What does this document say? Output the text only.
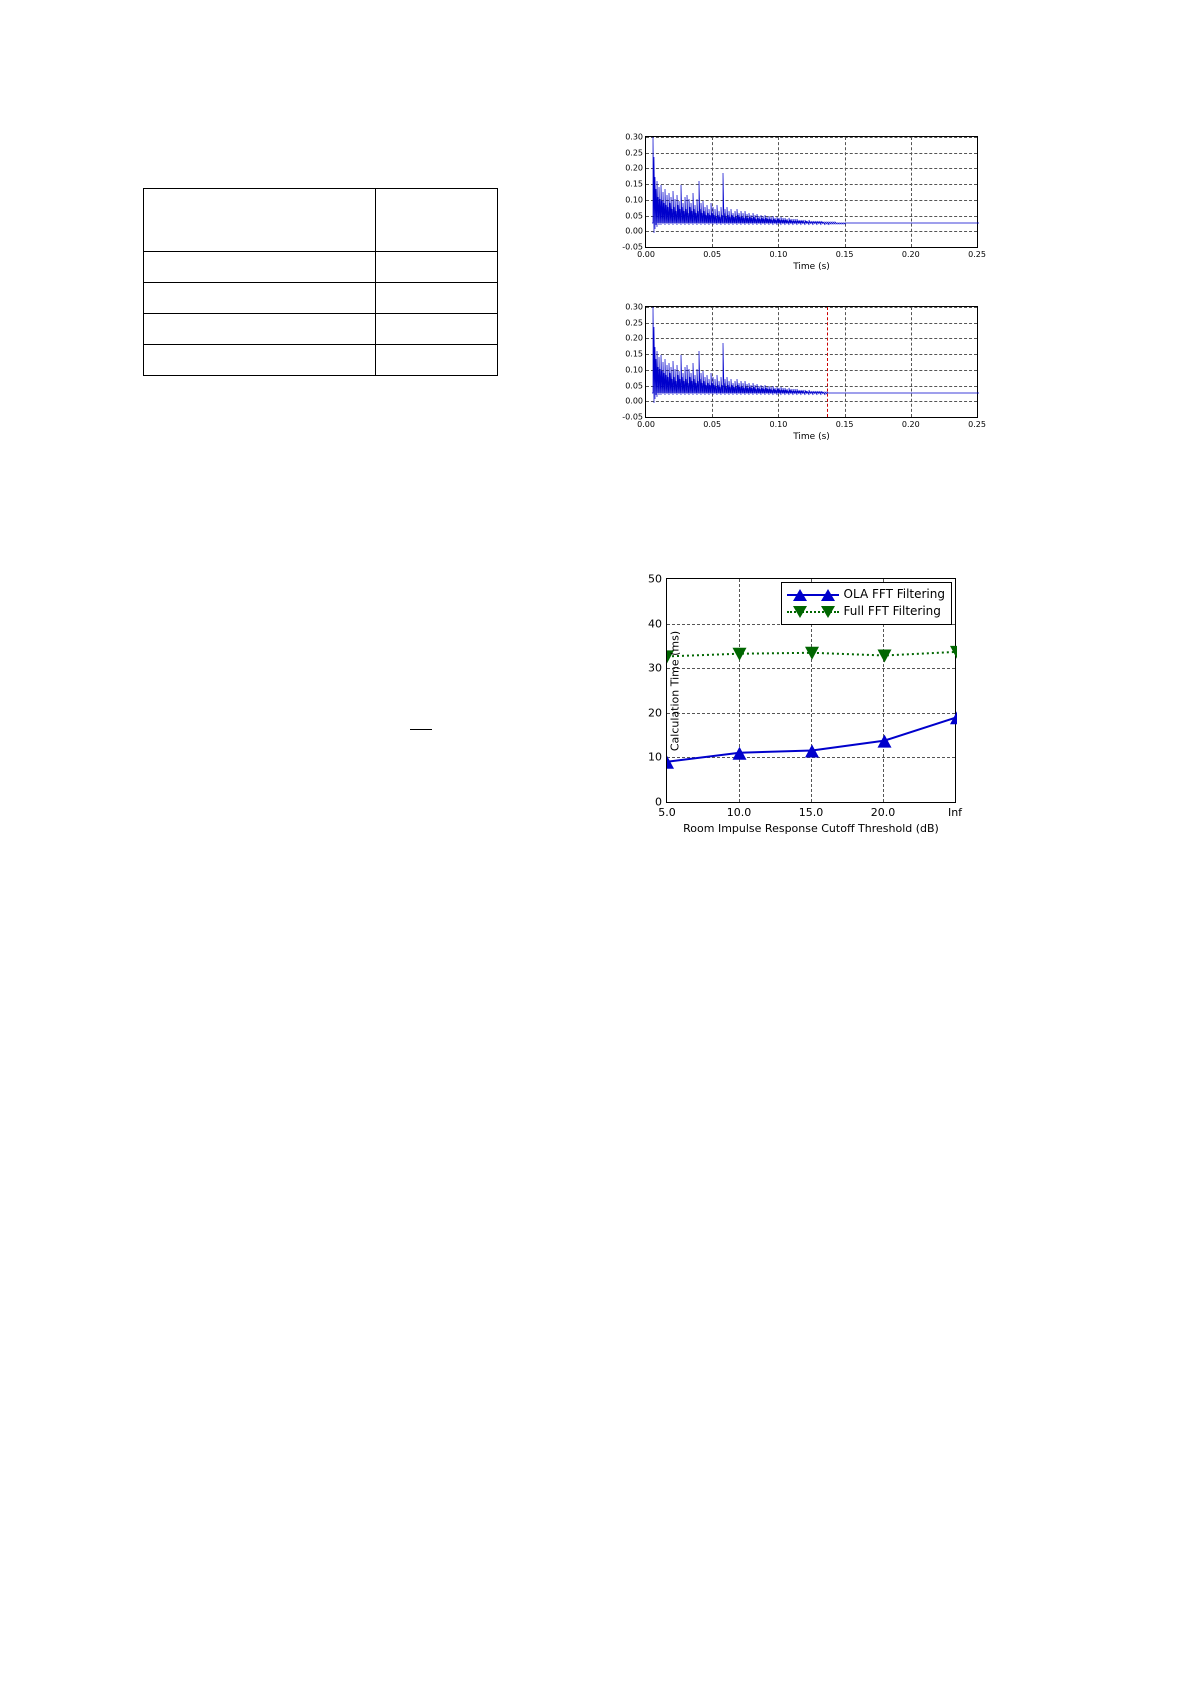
0.30
0.25
0.20
0.15
0.10
0.05
0.00
-0.05
0.00	0.05	0.10	0.15	0.20	0.25
Time (s)
0.30
0.25
0.20
0.15
0.10
0.05
0.00
-0.05
0.00	0.05	0.10	0.15	0.20	0.25
Time (s)
OLA FFT Filtering
Full FFT Filtering
0
10
20
30
40
50
5.0	10.0	15.0	20.0	Inf
Calculation Time (ms)
Room Impulse Response Cutoff Threshold (dB)
